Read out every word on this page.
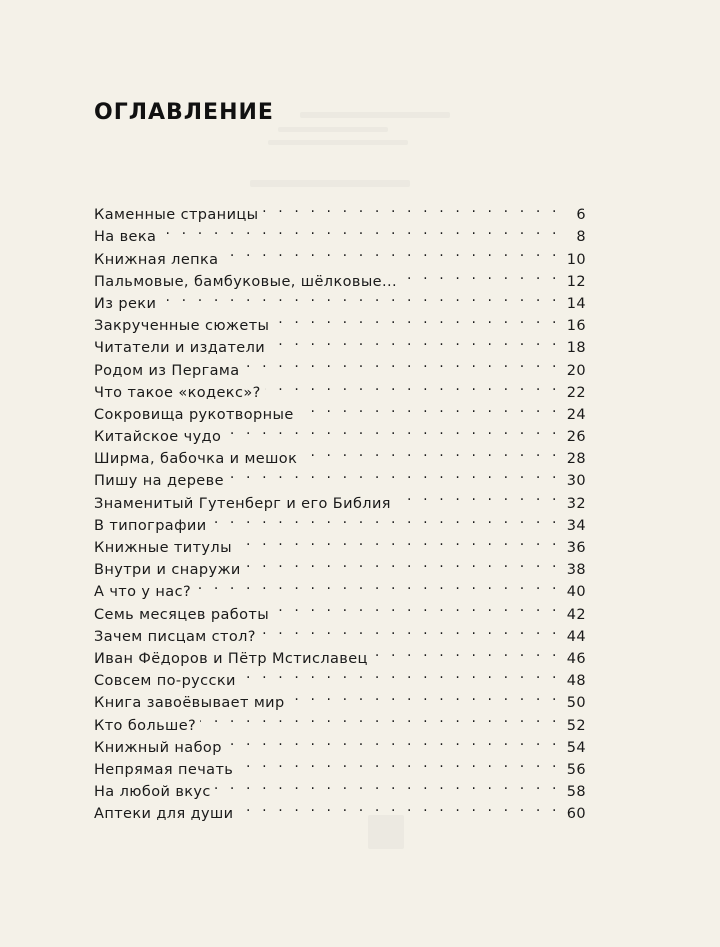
ОГЛАВЛЕНИЕ
Каменные страницы . . .	6
На века . . .	8
Книжная лепка . . .	10
Пальмовые, бамбуковые, шёлковые... . . .	12
Из реки . . .	14
Закрученные сюжеты . . .	16
Читатели и издатели . . .	18
Родом из Пергама . . .	20
Что такое «кодекс»? . . .	22
Сокровища рукотворные . . .	24
Китайское чудо . . .	26
Ширма, бабочка и мешок . . .	28
Пишу на дереве . . .	30
Знаменитый Гутенберг и его Библия . . .	32
В типографии . . .	34
Книжные титулы . . .	36
Внутри и снаружи . . .	38
А что у нас? . . .	40
Семь месяцев работы . . .	42
Зачем писцам стол? . . .	44
Иван Фёдоров и Пётр Мстиславец . . .	46
Совсем по-русски . . .	48
Книга завоёвывает мир . . .	50
Кто больше? . . .	52
Книжный набор . . .	54
Непрямая печать . . .	56
На любой вкус . . .	58
Аптеки для души . . .	60
